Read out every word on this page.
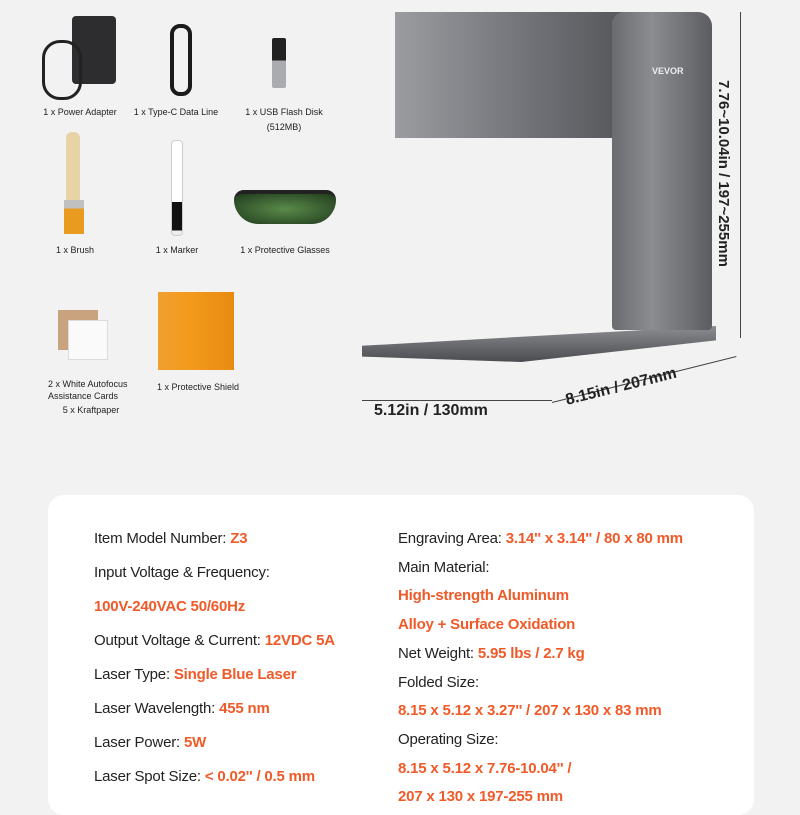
1 x Power Adapter	1 x Type-C Data Line	1 x USB Flash Disk
(512MB)
1 x Brush	1 x Marker	1 x Protective Glasses
2 x White Autofocus
Assistance Cards
5 x Kraftpaper
1 x Protective Shield
VEVOR
7.76~10.04in / 197~255mm
5.12in / 130mm
8.15in / 207mm
Item Model Number: Z3
Input Voltage & Frequency:
100V-240VAC 50/60Hz
Output Voltage & Current: 12VDC 5A
Laser Type: Single Blue Laser
Laser Wavelength: 455 nm
Laser Power: 5W
Laser Spot Size: < 0.02'' / 0.5 mm
Engraving Area: 3.14'' x 3.14'' / 80 x 80 mm
Main Material:
High-strength Aluminum
Alloy + Surface Oxidation
Net Weight: 5.95 lbs / 2.7 kg
Folded Size:
8.15 x 5.12 x 3.27'' / 207 x 130 x 83 mm
Operating Size:
8.15 x 5.12 x 7.76-10.04'' /
207 x 130 x 197-255 mm
